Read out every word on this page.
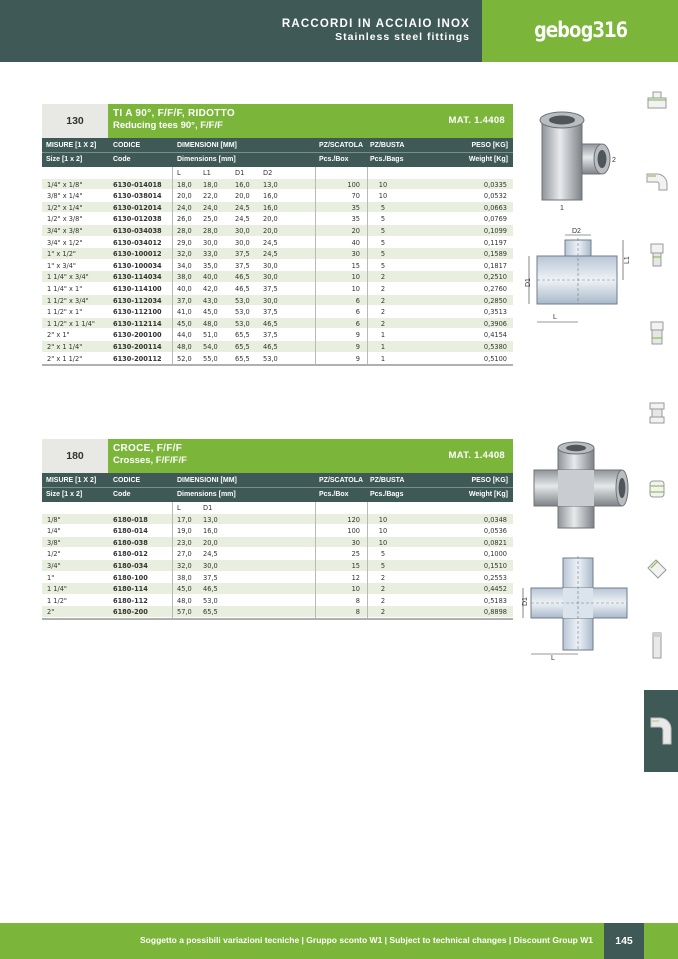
RACCORDI IN ACCIAIO INOX
Stainless steel fittings	gebog316
130
TI A 90°, F/F/F, RIDOTTO
Reducing tees 90°, F/F/F	MAT. 1.4408
MISURE [1 X 2] CODICE	DIMENSIONI [MM]	PZ/SCATOLA PZ/BUSTA	PESO [KG]
Size [1 x 2]	Code	Dimensions [mm]	Pcs./Box	Pcs./Bags	Weight [Kg]
L	L1	D1	D2
1/4" x 1/8"	6130-014018 18,0 18,0	16,0 13,0	100	10	0,0335
3/8" x 1/4"	6130-038014 20,0 22,0	20,0 16,0	70	10	0,0532
1/2" x 1/4"	6130-012014 24,0 24,0	24,5 16,0	35	5	0,0663
1/2" x 3/8"	6130-012038 26,0 25,0	24,5 20,0	35	5	0,0769
3/4" x 3/8"	6130-034038 28,0 28,0	30,0 20,0	20	5	0,1099
3/4" x 1/2"	6130-034012 29,0 30,0	30,0 24,5	40	5	0,1197
1" x 1/2"	6130-100012 32,0 33,0	37,5 24,5	30	5	0,1589
1" x 3/4"	6130-100034 34,0 35,0	37,5 30,0	15	5	0,1817
1 1/4" x 3/4"	6130-114034 38,0 40,0	46,5 30,0	10	2	0,2510
1 1/4" x 1"	6130-114100 40,0 42,0	46,5 37,5	10	2	0,2760
1 1/2" x 3/4"	6130-112034 37,0 43,0	53,0 30,0	6	2	0,2850
1 1/2" x 1"	6130-112100 41,0 45,0	53,0 37,5	6	2	0,3513
1 1/2" x 1 1/4"	6130-112114 45,0 48,0	53,0 46,5	6	2	0,3906
2" x 1"	6130-200100 44,0 51,0	65,5 37,5	9	1	0,4154
2" x 1 1/4"	6130-200114 48,0 54,0	65,5 46,5	9	1	0,5380
2" x 1 1/2"	6130-200112 52,0 55,0	65,5 53,0	9	1	0,5100
180
CROCE, F/F/F
Crosses, F/F/F/F	MAT. 1.4408
MISURE [1 X 2] CODICE	DIMENSIONI [MM]	PZ/SCATOLA PZ/BUSTA	PESO [KG]
Size [1 x 2]	Code	Dimensions [mm]	Pcs./Box	Pcs./Bags	Weight [Kg]
L	D1
1/8"	6180-018	17,0 13,0	120	10	0,0348
1/4"	6180-014	19,0 16,0	100	10	0,0536
3/8"	6180-038	23,0 20,0	30	10	0,0821
1/2"	6180-012	27,0 24,5	25	5	0,1000
3/4"	6180-034	32,0 30,0	15	5	0,1510
1"	6180-100	38,0 37,5	12	2	0,2553
1 1/4"	6180-114	45,0 46,5	10	2	0,4452
1 1/2"	6180-112	48,0 53,0	8	2	0,5183
2"	6180-200	57,0 65,5	8	2	0,8898
2
1
D2
L1
D1
L
D1
L
Soggetto a possibili variazioni tecniche | Gruppo sconto W1 | Subject to technical changes | Discount Group W1	145
